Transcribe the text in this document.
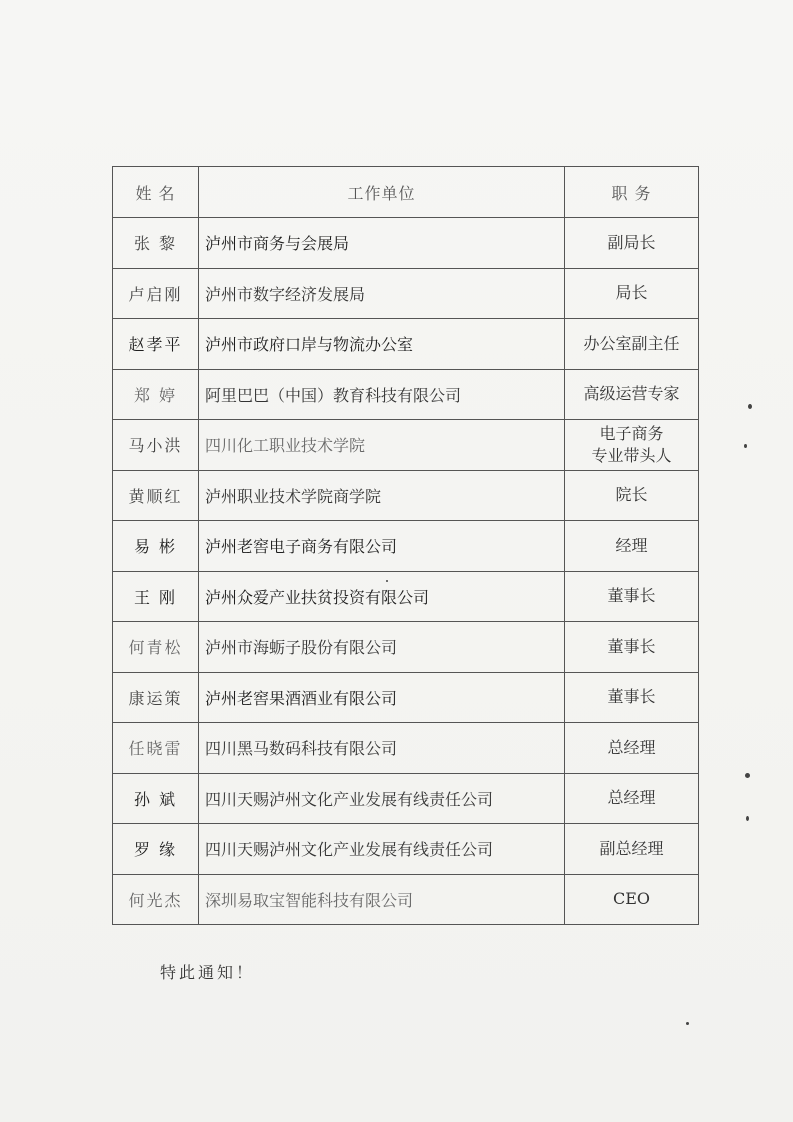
姓 名	工作单位	职 务
张 黎	泸州市商务与会展局	副局长
卢启刚	泸州市数字经济发展局	局长
赵孝平	泸州市政府口岸与物流办公室	办公室副主任
郑 婷	阿里巴巴（中国）教育科技有限公司	高级运营专家
马小洪	四川化工职业技术学院	电子商务
专业带头人

黄顺红	泸州职业技术学院商学院	院长
易 彬	泸州老窖电子商务有限公司	经理
王 刚	泸州众爱产业扶贫投资有限公司	董事长
何青松	泸州市海蛎子股份有限公司	董事长
康运策	泸州老窖果酒酒业有限公司	董事长
任晓雷	四川黑马数码科技有限公司	总经理
孙 斌	四川天赐泸州文化产业发展有线责任公司	总经理
罗 缘	四川天赐泸州文化产业发展有线责任公司	副总经理
何光杰	深圳易取宝智能科技有限公司	CEO
特此通知！
